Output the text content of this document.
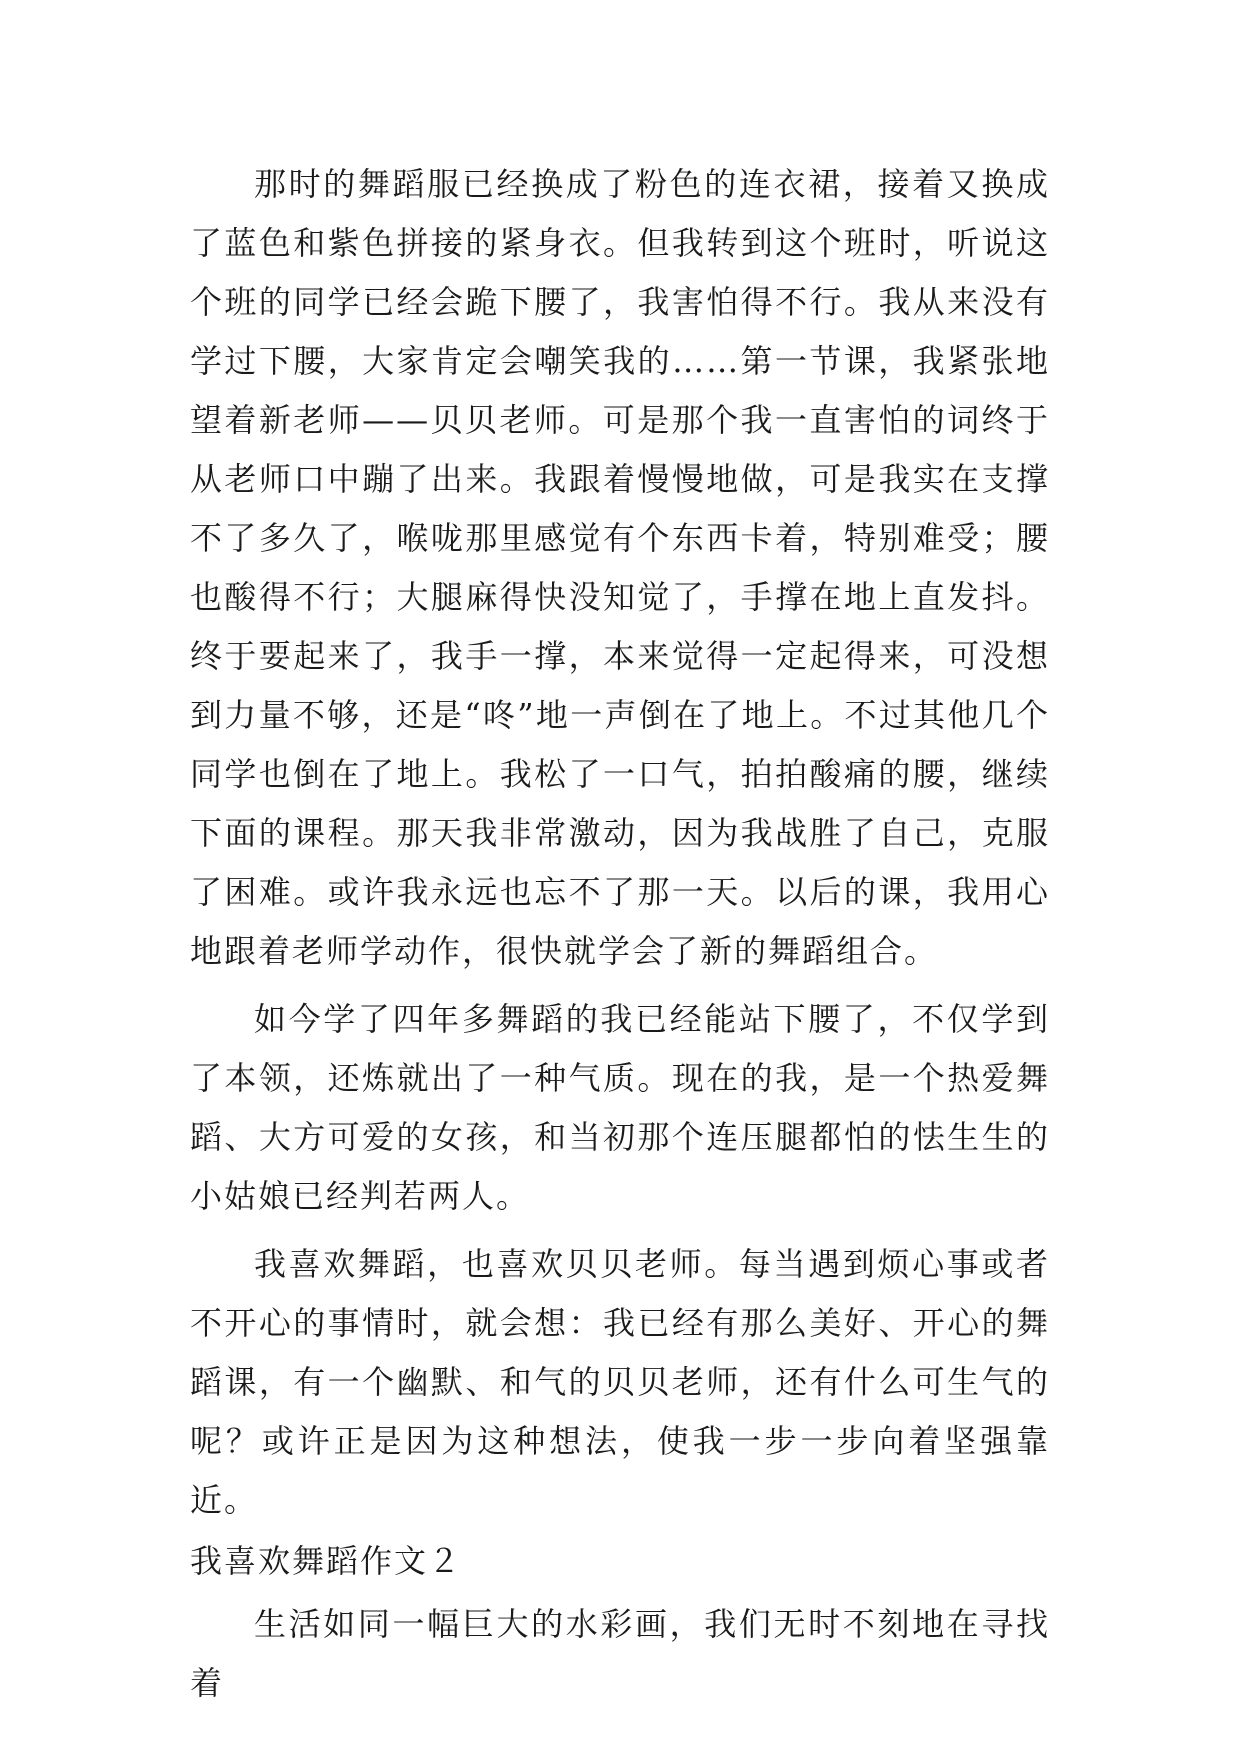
那时的舞蹈服已经换成了粉色的连衣裙，接着又换成了蓝色和紫色拼接的紧身衣。但我转到这个班时，听说这个班的同学已经会跪下腰了，我害怕得不行。我从来没有学过下腰，大家肯定会嘲笑我的……第一节课，我紧张地望着新老师——贝贝老师。可是那个我一直害怕的词终于从老师口中蹦了出来。我跟着慢慢地做，可是我实在支撑不了多久了，喉咙那里感觉有个东西卡着，特别难受；腰也酸得不行；大腿麻得快没知觉了，手撑在地上直发抖。终于要起来了，我手一撑，本来觉得一定起得来，可没想到力量不够，还是“咚”地一声倒在了地上。不过其他几个同学也倒在了地上。我松了一口气，拍拍酸痛的腰，继续下面的课程。那天我非常激动，因为我战胜了自己，克服了困难。或许我永远也忘不了那一天。以后的课，我用心地跟着老师学动作，很快就学会了新的舞蹈组合。

如今学了四年多舞蹈的我已经能站下腰了，不仅学到了本领，还炼就出了一种气质。现在的我，是一个热爱舞蹈、大方可爱的女孩，和当初那个连压腿都怕的怯生生的小姑娘已经判若两人。

我喜欢舞蹈，也喜欢贝贝老师。每当遇到烦心事或者不开心的事情时，就会想：我已经有那么美好、开心的舞蹈课，有一个幽默、和气的贝贝老师，还有什么可生气的呢？或许正是因为这种想法，使我一步一步向着坚强靠近。

我喜欢舞蹈作文２

生活如同一幅巨大的水彩画，我们无时不刻地在寻找着
